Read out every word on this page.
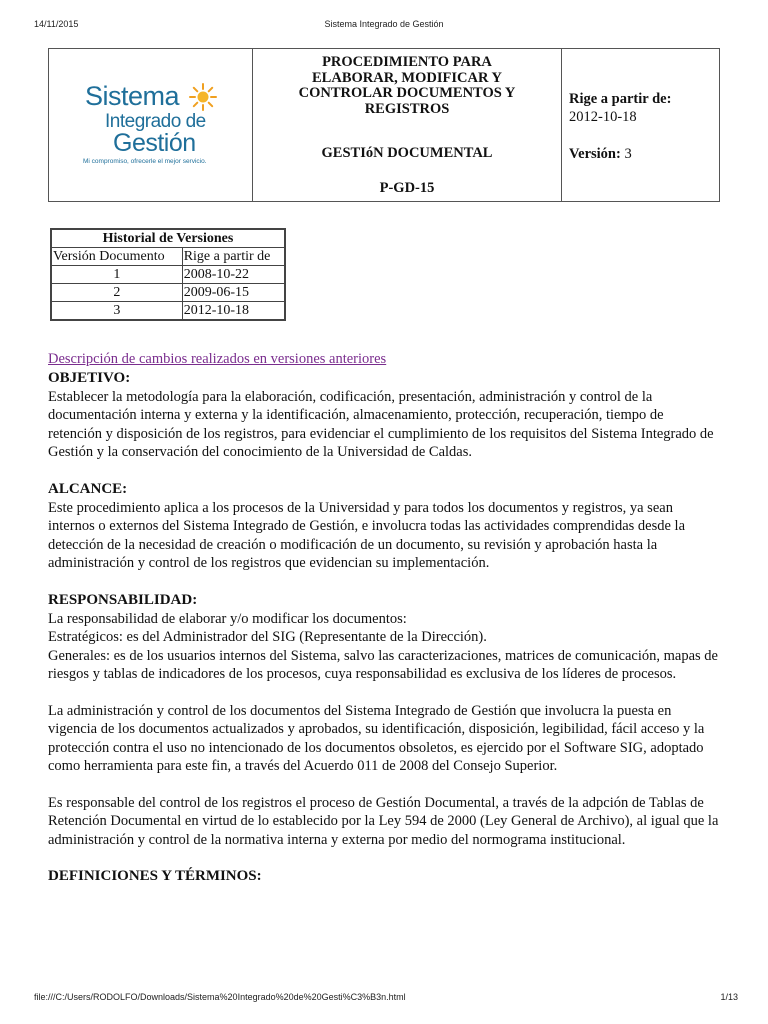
14/11/2015	Sistema Integrado de Gestión
Sistema
Integrado de
Gestión
Mi compromiso, ofrecerle el mejor servicio.
PROCEDIMIENTO PARA
ELABORAR, MODIFICAR Y
CONTROLAR DOCUMENTOS Y
REGISTROS
GESTIóN DOCUMENTAL
P-GD-15
Rige a partir de:
2012-10-18
Versión: 3
Historial de Versiones	
Versión Documento	Rige a partir de
1	2008-10-22
2	2009-06-15
3	2012-10-18
Descripción de cambios realizados en versiones anteriores
OBJETIVO:

Establecer la metodología para la elaboración, codificación, presentación, administración y control de la documentación interna y externa y la identificación, almacenamiento, protección, recuperación, tiempo de retención y disposición de los registros, para evidenciar el cumplimiento de los requisitos del Sistema Integrado de Gestión y la conservación del conocimiento de la Universidad de Caldas.

ALCANCE:

Este procedimiento aplica a los procesos de la Universidad y para todos los documentos y registros, ya sean internos o externos del Sistema Integrado de Gestión, e involucra todas las actividades comprendidas desde la detección de la necesidad de creación o modificación de un documento, su revisión y aprobación hasta la administración y control de los registros que evidencian su implementación.

RESPONSABILIDAD:

La responsabilidad de elaborar y/o modificar los documentos:

Estratégicos: es del Administrador del SIG (Representante de la Dirección).

Generales: es de los usuarios internos del Sistema, salvo las caracterizaciones, matrices de comunicación, mapas de riesgos y tablas de indicadores de los procesos, cuya responsabilidad es exclusiva de los líderes de procesos.

La administración y control de los documentos del Sistema Integrado de Gestión que involucra la puesta en vigencia de los documentos actualizados y aprobados, su identificación, disposición, legibilidad, fácil acceso y la protección contra el uso no intencionado de los documentos obsoletos, es ejercido por el Software SIG, adoptado como herramienta para este fin, a través del Acuerdo 011 de 2008 del Consejo Superior.

Es responsable del control de los registros el proceso de Gestión Documental, a través de la adpción de Tablas de Retención Documental en virtud de lo establecido por la Ley 594 de 2000 (Ley General de Archivo), al igual que la administración y control de la normativa interna y externa por medio del normograma institucional.

DEFINICIONES Y TÉRMINOS:
file:///C:/Users/RODOLFO/Downloads/Sistema%20Integrado%20de%20Gesti%C3%B3n.html	1/13
